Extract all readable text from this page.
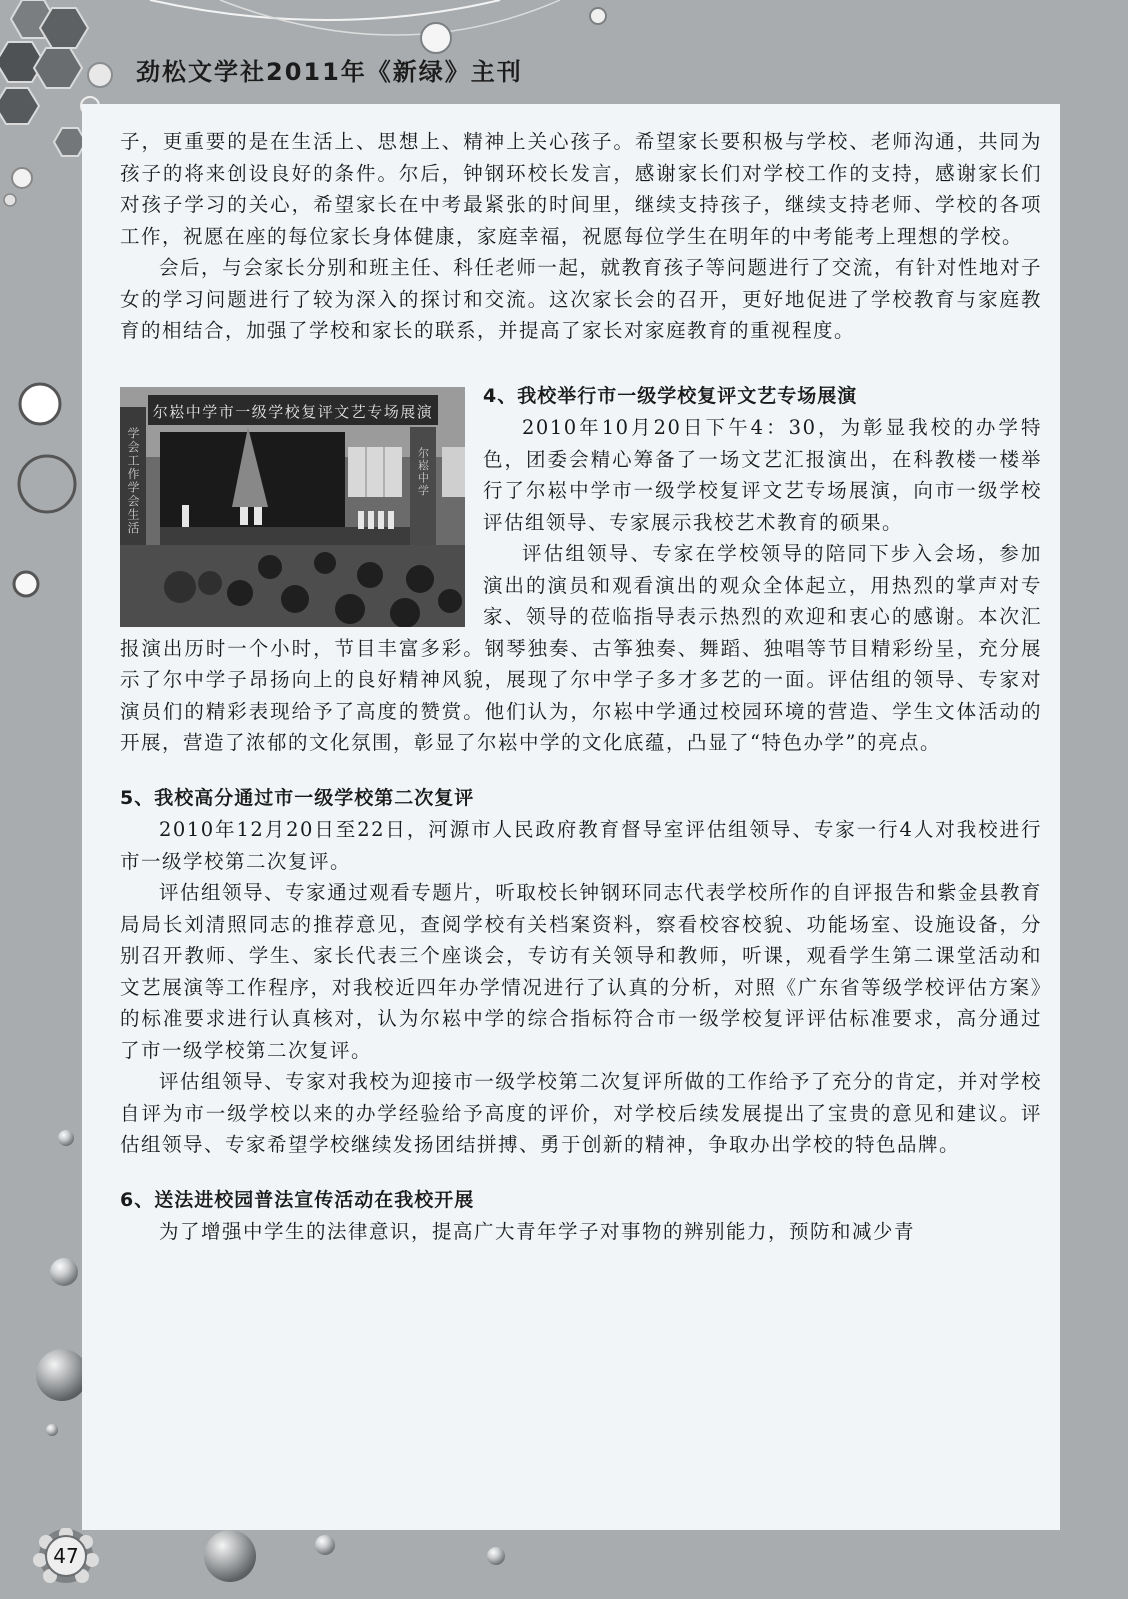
劲松文学社2011年《新绿》主刊

子，更重要的是在生活上、思想上、精神上关心孩子。希望家长要积极与学校、老师沟通，共同为孩子的将来创设良好的条件。尔后，钟钢环校长发言，感谢家长们对学校工作的支持，感谢家长们对孩子学习的关心，希望家长在中考最紧张的时间里，继续支持孩子，继续支持老师、学校的各项工作，祝愿在座的每位家长身体健康，家庭幸福，祝愿每位学生在明年的中考能考上理想的学校。

会后，与会家长分别和班主任、科任老师一起，就教育孩子等问题进行了交流，有针对性地对子女的学习问题进行了较为深入的探讨和交流。这次家长会的召开，更好地促进了学校教育与家庭教育的相结合，加强了学校和家长的联系，并提高了家长对家庭教育的重视程度。

尔崧中学市一级学校复评文艺专场展演
学会工作学会生活	尔崧中学

4、我校举行市一级学校复评文艺专场展演

2010年10月20日下午4：30，为彰显我校的办学特色，团委会精心筹备了一场文艺汇报演出，在科教楼一楼举行了尔崧中学市一级学校复评文艺专场展演，向市一级学校评估组领导、专家展示我校艺术教育的硕果。

评估组领导、专家在学校领导的陪同下步入会场，参加演出的演员和观看演出的观众全体起立，用热烈的掌声对专家、领导的莅临指导表示热烈的欢迎和衷心的感谢。本次汇报演出历时一个小时，节目丰富多彩。钢琴独奏、古筝独奏、舞蹈、独唱等节目精彩纷呈，充分展示了尔中学子昂扬向上的良好精神风貌，展现了尔中学子多才多艺的一面。评估组的领导、专家对演员们的精彩表现给予了高度的赞赏。他们认为，尔崧中学通过校园环境的营造、学生文体活动的开展，营造了浓郁的文化氛围，彰显了尔崧中学的文化底蕴，凸显了“特色办学”的亮点。

5、我校高分通过市一级学校第二次复评

2010年12月20日至22日，河源市人民政府教育督导室评估组领导、专家一行4人对我校进行市一级学校第二次复评。

评估组领导、专家通过观看专题片，听取校长钟钢环同志代表学校所作的自评报告和紫金县教育局局长刘清照同志的推荐意见，查阅学校有关档案资料，察看校容校貌、功能场室、设施设备，分别召开教师、学生、家长代表三个座谈会，专访有关领导和教师，听课，观看学生第二课堂活动和文艺展演等工作程序，对我校近四年办学情况进行了认真的分析，对照《广东省等级学校评估方案》的标准要求进行认真核对，认为尔崧中学的综合指标符合市一级学校复评评估标准要求，高分通过了市一级学校第二次复评。

评估组领导、专家对我校为迎接市一级学校第二次复评所做的工作给予了充分的肯定，并对学校自评为市一级学校以来的办学经验给予高度的评价，对学校后续发展提出了宝贵的意见和建议。评估组领导、专家希望学校继续发扬团结拼搏、勇于创新的精神，争取办出学校的特色品牌。

6、送法进校园普法宣传活动在我校开展

为了增强中学生的法律意识，提高广大青年学子对事物的辨别能力，预防和减少青

47
